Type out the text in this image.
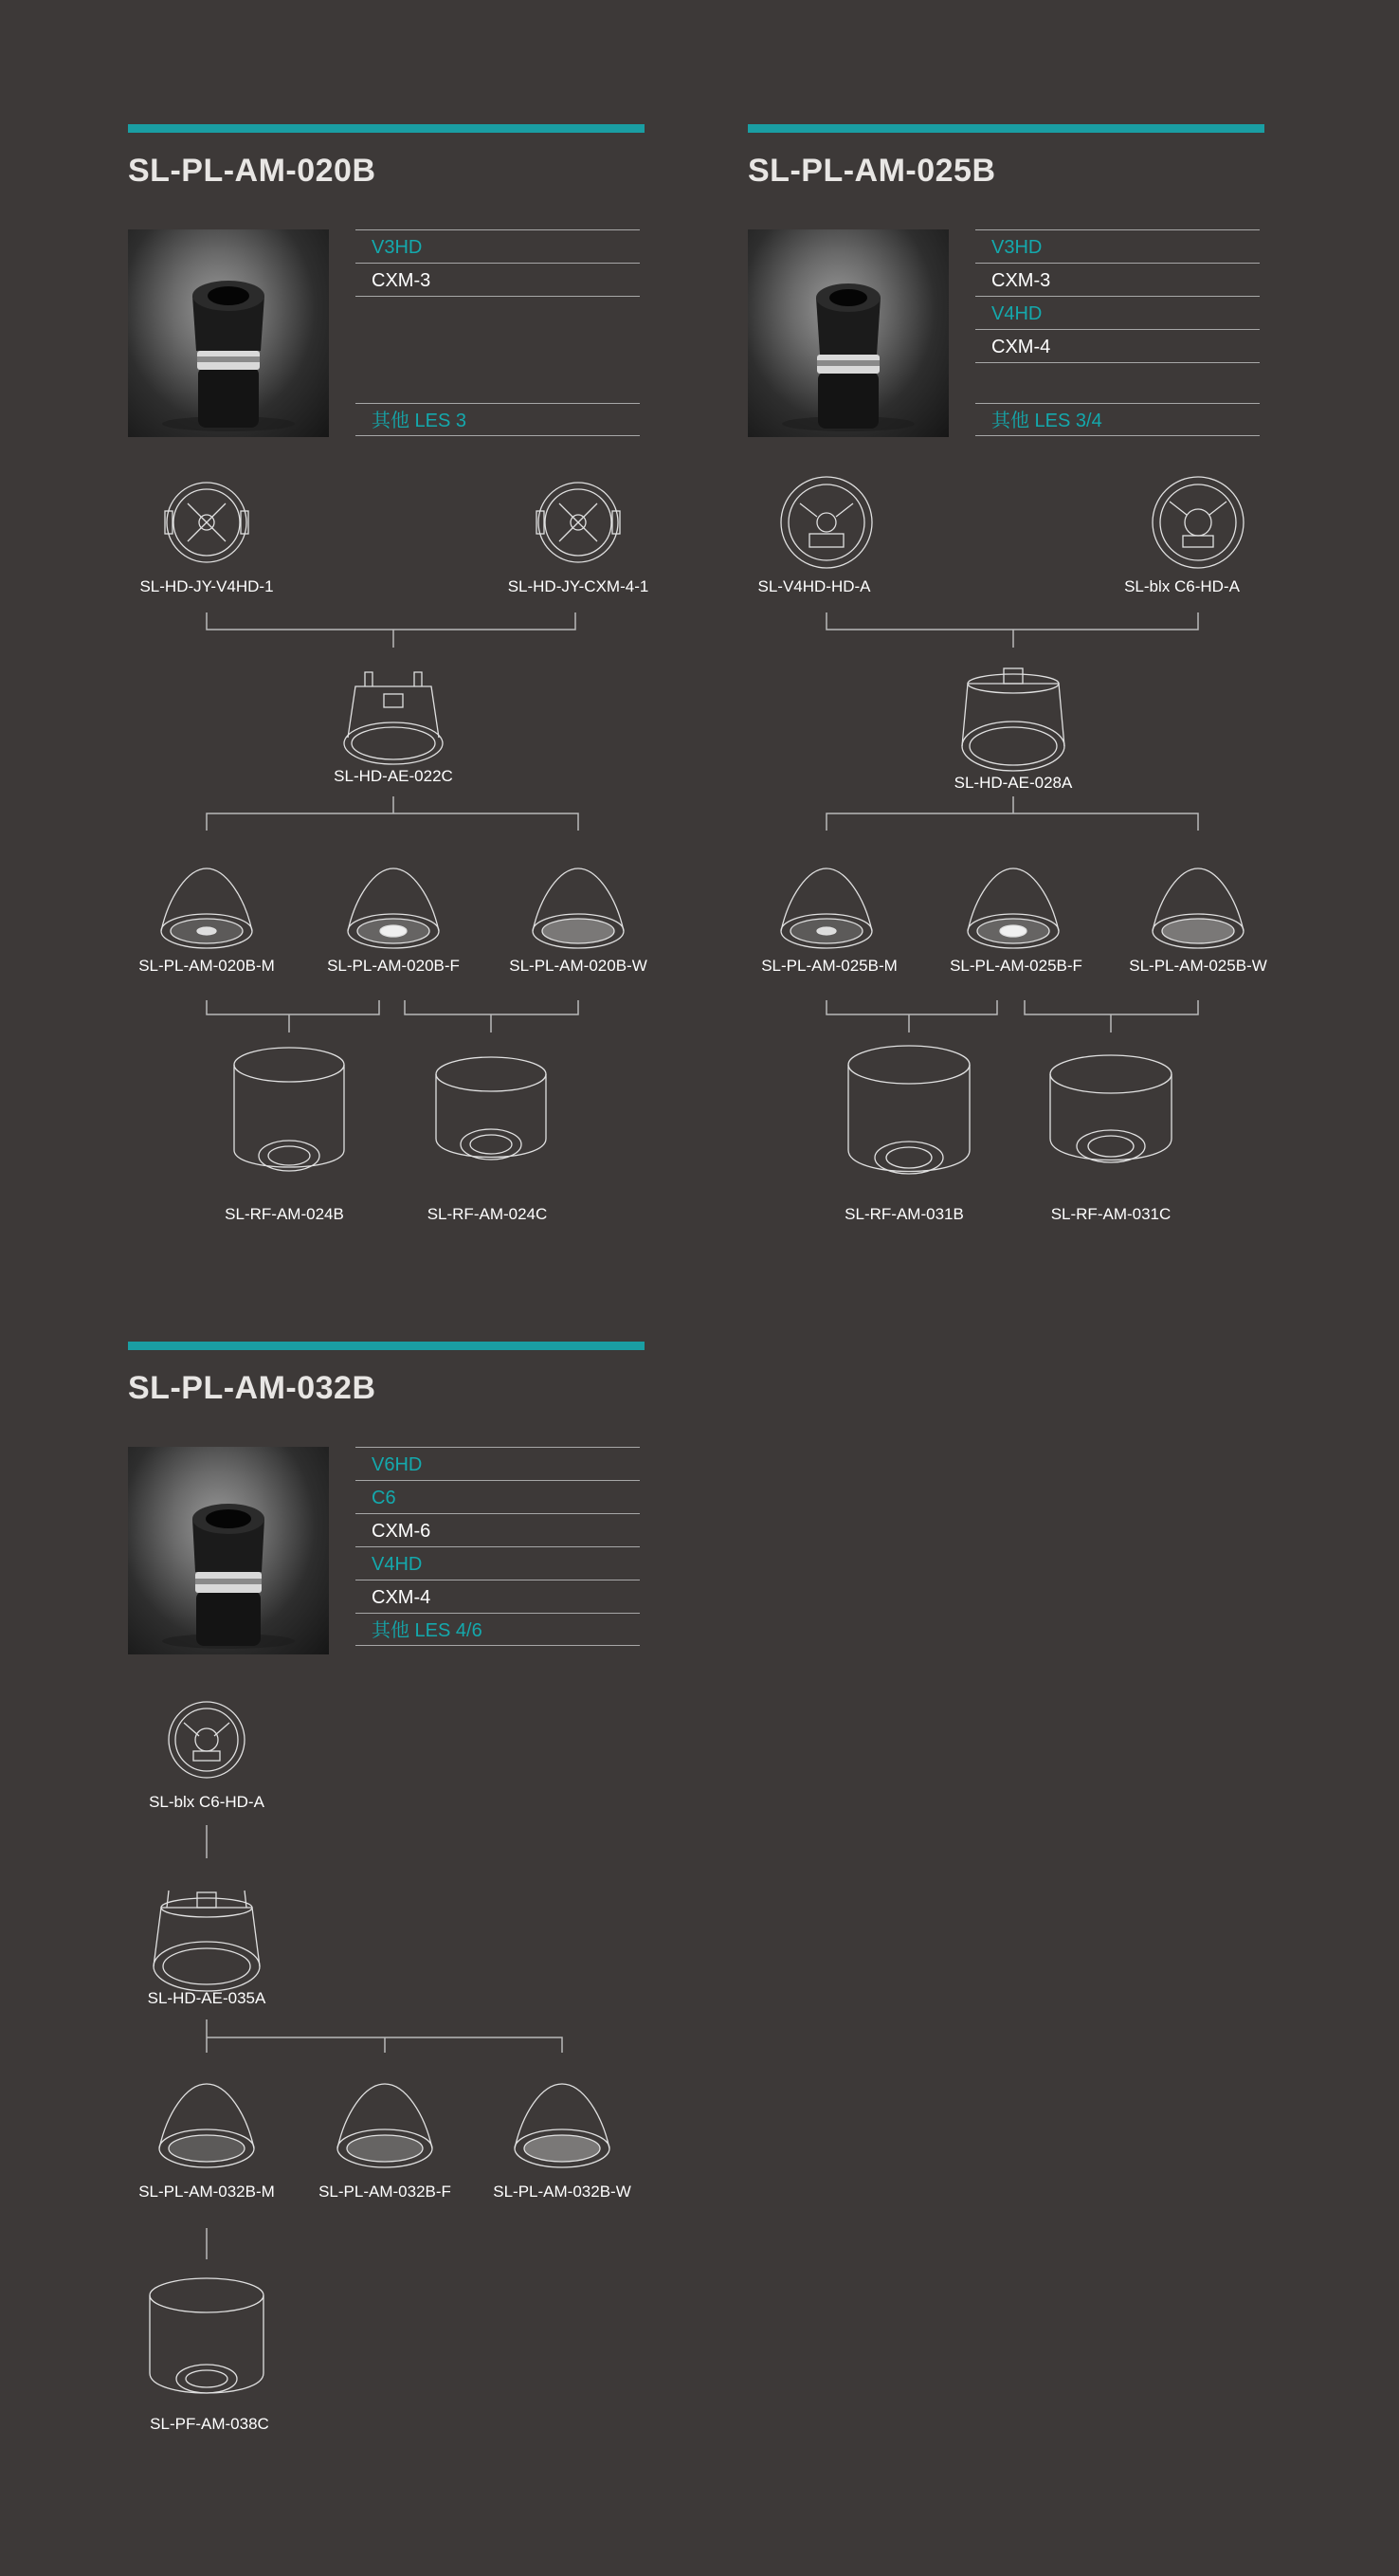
SL-PL-AM-020B
V3HD
CXM-3
其他 LES 3
SL-HD-JY-V4HD-1	SL-HD-JY-CXM-4-1
SL-HD-AE-022C
SL-PL-AM-020B-M	SL-PL-AM-020B-F	SL-PL-AM-020B-W
SL-RF-AM-024B	SL-RF-AM-024C
SL-PL-AM-025B
V3HD
CXM-3
V4HD
CXM-4
其他 LES 3/4
SL-V4HD-HD-A	SL-blx C6-HD-A
SL-HD-AE-028A
SL-PL-AM-025B-M	SL-PL-AM-025B-F	SL-PL-AM-025B-W
SL-RF-AM-031B	SL-RF-AM-031C
SL-PL-AM-032B
V6HD
C6
CXM-6
V4HD
CXM-4
其他 LES 4/6
SL-blx C6-HD-A
SL-HD-AE-035A
SL-PL-AM-032B-M	SL-PL-AM-032B-F	SL-PL-AM-032B-W
SL-PF-AM-038C
